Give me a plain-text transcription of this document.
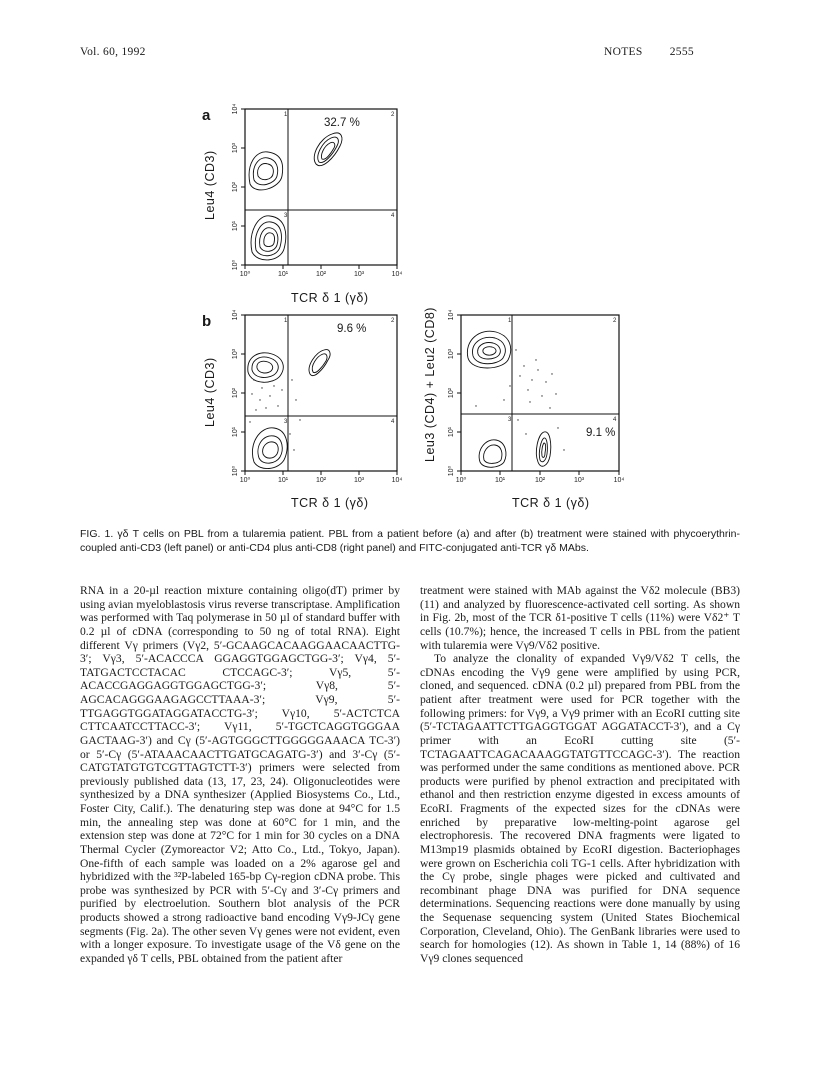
Vol. 60, 1992	NOTES 2555
a
Leu4 (CD3)
32.7 %
10⁰	10¹	10²	10³	10⁴
10⁰
10¹
10²
10³
10⁴
1	2
3	4
TCR δ 1 (γδ)
b
Leu4 (CD3)
9.6 %
10⁰	10¹	10²	10³	10⁴
10⁰
10¹
10²
10³
10⁴
1	2
3	4
TCR δ 1 (γδ)
Leu3 (CD4) + Leu2 (CD8)	9.1 %
10⁰	10¹	10²	10³	10⁴
10⁰
10¹
10²
10³
10⁴
1	2
3	4
TCR δ 1 (γδ)
FIG. 1. γδ T cells on PBL from a tularemia patient. PBL from a patient before (a) and after (b) treatment were stained with phycoerythrin-coupled anti-CD3 (left panel) or anti-CD4 plus anti-CD8 (right panel) and FITC-conjugated anti-TCR γδ MAbs.

RNA in a 20-µl reaction mixture containing oligo(dT) primer by using avian myeloblastosis virus reverse transcriptase. Amplification was performed with Taq polymerase in 50 µl of standard buffer with 0.2 µl of cDNA (corresponding to 50 ng of total RNA). Eight different Vγ primers (Vγ2, 5′-GCAAGCACAAGGAACAACTTG-3′; Vγ3, 5′-ACACCCA GGAGGTGGAGCTGG-3′; Vγ4, 5′-TATGACTCCTACAC CTCCAGC-3′; Vγ5, 5′-ACACCGAGGAGGTGGAGCTGG-3′; Vγ8, 5′-AGCACAGGGAAGAGCCTTAAA-3′; Vγ9, 5′-TTGAGGTGGATAGGATACCTG-3′; Vγ10, 5′-ACTCTCA CTTCAATCCTTACC-3′; Vγ11, 5′-TGCTCAGGTGGGAA GACTAAG-3′) and Cγ (5′-AGTGGGCTTGGGGGAAACA TC-3′) or 5′-Cγ (5′-ATAAACAACTTGATGCAGATG-3′) and 3′-Cγ (5′-CATGTATGTGTCGTTAGTCTT-3′) primers were selected from previously published data (13, 17, 23, 24). Oligonucleotides were synthesized by a DNA synthesizer (Applied Biosystems Co., Ltd., Foster City, Calif.). The denaturing step was done at 94°C for 1.5 min, the annealing step was done at 60°C for 1 min, and the extension step was done at 72°C for 1 min for 30 cycles on a DNA Thermal Cycler (Zymoreactor V2; Atto Co., Ltd., Tokyo, Japan). One-fifth of each sample was loaded on a 2% agarose gel and hybridized with the ³²P-labeled 165-bp Cγ-region cDNA probe. This probe was synthesized by PCR with 5′-Cγ and 3′-Cγ primers and purified by electroelution. Southern blot analysis of the PCR products showed a strong radioactive band encoding Vγ9-JCγ gene segments (Fig. 2a). The other seven Vγ genes were not evident, even with a longer exposure. To investigate usage of the Vδ gene on the expanded γδ T cells, PBL obtained from the patient after

treatment were stained with MAb against the Vδ2 molecule (BB3) (11) and analyzed by fluorescence-activated cell sorting. As shown in Fig. 2b, most of the TCR δ1-positive T cells (11%) were Vδ2⁺ T cells (10.7%); hence, the increased T cells in PBL from the patient with tularemia were Vγ9/Vδ2 positive.

To analyze the clonality of expanded Vγ9/Vδ2 T cells, the cDNAs encoding the Vγ9 gene were amplified by using PCR, cloned, and sequenced. cDNA (0.2 µl) prepared from PBL from the patient after treatment were used for PCR together with the following primers: for Vγ9, a Vγ9 primer with an EcoRI cutting site (5′-TCTAGAATTCTTGAGGTGGAT AGGATACCT-3′), and a Cγ primer with an EcoRI cutting site (5′-TCTAGAATTCAGACAAAGGTATGTTCCAGC-3′). The reaction was performed under the same conditions as mentioned above. PCR products were purified by phenol extraction and precipitated with ethanol and then restriction enzyme digested in excess amounts of EcoRI. Fragments of the expected sizes for the cDNAs were enriched by preparative low-melting-point agarose gel electrophoresis. The recovered DNA fragments were ligated to M13mp19 plasmids obtained by EcoRI digestion. Bacteriophages were grown on Escherichia coli TG-1 cells. After hybridization with the Cγ probe, single phages were picked and cultivated and recombinant phage DNA was purified for DNA sequence determinations. Sequencing reactions were done manually by using the Sequenase sequencing system (United States Biochemical Corporation, Cleveland, Ohio). The GenBank libraries were used to search for homologies (12). As shown in Table 1, 14 (88%) of 16 Vγ9 clones sequenced
